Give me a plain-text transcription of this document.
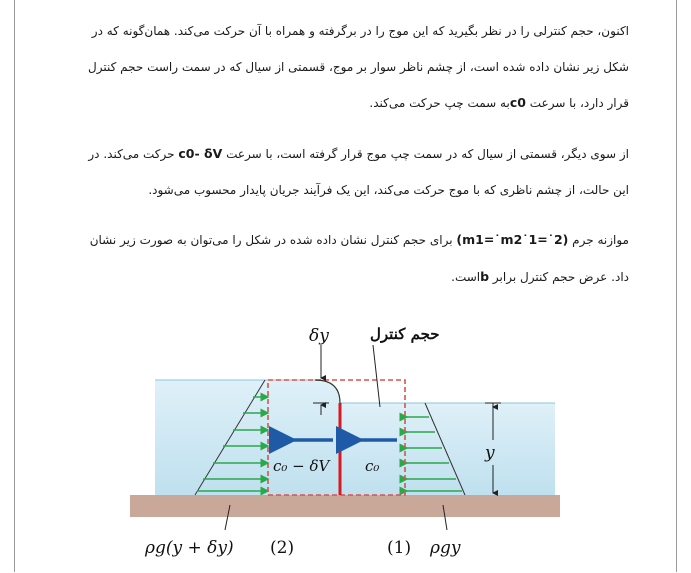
اکنون، حجم کنترلی را در نظر بگیرید که این موج را در برگرفته و همراه با آن حرکت می‌کند. همان‌گونه که در
شکل زیر نشان داده شده است، از چشم ناظر سوار بر موج، قسمتی از سیال که در سمت راست حجم کنترل
قرار دارد، با سرعت c0به سمت چپ حرکت می‌کند.
از سوی دیگر، قسمتی از سیال که در سمت چپ موج قرار گرفته است، با سرعت c0- δV حرکت می‌کند. در
این حالت، از چشم ناظری که با موج حرکت می‌کند، این یک فرآیند جریان پایدار محسوب می‌شود.
موازنه جرم (m1=˙m2˙1=˙2) برای حجم کنترل نشان داده شده در شکل را می‌توان به صورت زیر نشان
داد. عرض حجم کنترل برابر bاست.
c₀ − δV c₀
δy	حجم کنترل
y
ρg(y + δy) (2)	(1) ρgy
